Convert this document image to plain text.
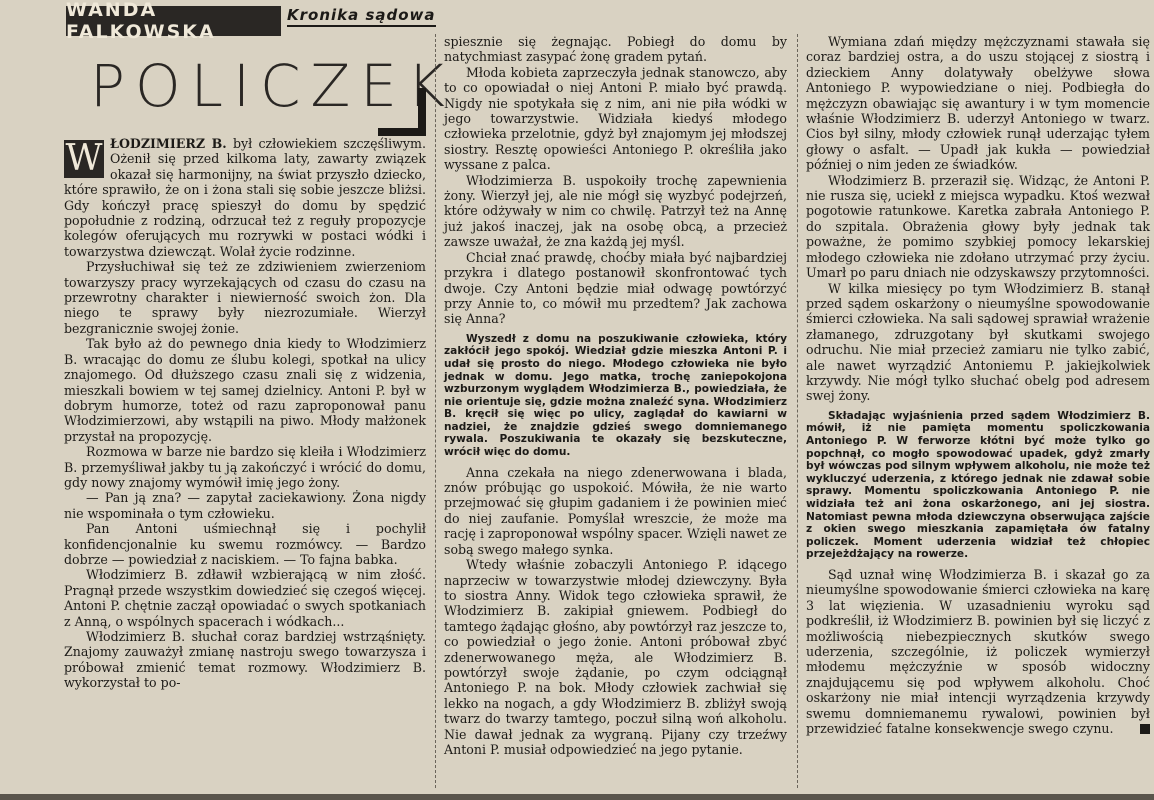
WANDA FALKOWSKA
Kronika sądowa
POLICZEK

W ŁODZIMIERZ B. był człowiekiem szczęśliwym. Ożenił się przed kilkoma laty, zawarty związek okazał się harmonijny, na świat przyszło dziecko, które sprawiło, że on i żona stali się sobie jeszcze bliżsi. Gdy kończył pracę spieszył do domu by spędzić popołudnie z rodziną, odrzucał też z reguły propozycje kolegów oferujących mu rozrywki w postaci wódki i towarzystwa dziewcząt. Wolał życie rodzinne.

Przysłuchiwał się też ze zdziwieniem zwierzeniom towarzyszy pracy wyrzekających od czasu do czasu na przewrotny charakter i niewierność swoich żon. Dla niego te sprawy były niezrozumiałe. Wierzył bezgranicznie swojej żonie.

Tak było aż do pewnego dnia kiedy to Włodzimierz B. wracając do domu ze ślubu kolegi, spotkał na ulicy znajomego. Od dłuższego czasu znali się z widzenia, mieszkali bowiem w tej samej dzielnicy. Antoni P. był w dobrym humorze, toteż od razu zaproponował panu Włodzimierzowi, aby wstąpili na piwo. Młody małżonek przystał na propozycję.

Rozmowa w barze nie bardzo się kleiła i Włodzimierz B. przemyśliwał jakby tu ją zakończyć i wrócić do domu, gdy nowy znajomy wymówił imię jego żony.

— Pan ją zna? — zapytał zaciekawiony. Żona nigdy nie wspominała o tym człowieku.

Pan Antoni uśmiechnął się i pochylił konfidencjonalnie ku swemu rozmówcy. — Bardzo dobrze — powiedział z naciskiem. — To fajna babka.

Włodzimierz B. zdławił wzbierającą w nim złość. Pragnął przede wszystkim dowiedzieć się czegoś więcej. Antoni P. chętnie zaczął opowiadać o swych spotkaniach z Anną, o wspólnych spacerach i wódkach...

Włodzimierz B. słuchał coraz bardziej wstrząśnięty. Znajomy zauważył zmianę nastroju swego towarzysza i próbował zmienić temat rozmowy. Włodzimierz B. wykorzystał to po-

spiesznie się żegnając. Pobiegł do domu by natychmiast zasypać żonę gradem pytań.

Młoda kobieta zaprzeczyła jednak stanowczo, aby to co opowiadał o niej Antoni P. miało być prawdą. Nigdy nie spotykała się z nim, ani nie piła wódki w jego towarzystwie. Widziała kiedyś młodego człowieka przelotnie, gdyż był znajomym jej młodszej siostry. Resztę opowieści Antoniego P. określiła jako wyssane z palca.

Włodzimierza B. uspokoiły trochę zapewnienia żony. Wierzył jej, ale nie mógł się wyzbyć podejrzeń, które odżywały w nim co chwilę. Patrzył też na Annę już jakoś inaczej, jak na osobę obcą, a przecież zawsze uważał, że zna każdą jej myśl.

Chciał znać prawdę, choćby miała być najbardziej przykra i dlatego postanowił skonfrontować tych dwoje. Czy Antoni będzie miał odwagę powtórzyć przy Annie to, co mówił mu przedtem? Jak zachowa się Anna?

Wyszedł z domu na poszukiwanie człowieka, który zakłócił jego spokój. Wiedział gdzie mieszka Antoni P. i udał się prosto do niego. Młodego człowieka nie było jednak w domu. Jego matka, trochę zaniepokojona wzburzonym wyglądem Włodzimierza B., powiedziała, że nie orientuje się, gdzie można znaleźć syna. Włodzimierz B. kręcił się więc po ulicy, zaglądał do kawiarni w nadziei, że znajdzie gdzieś swego domniemanego rywala. Poszukiwania te okazały się bezskuteczne, wrócił więc do domu.

Anna czekała na niego zdenerwowana i blada, znów próbując go uspokoić. Mówiła, że nie warto przejmować się głupim gadaniem i że powinien mieć do niej zaufanie. Pomyślał wreszcie, że może ma rację i zaproponował wspólny spacer. Wzięli nawet ze sobą swego małego synka.

Wtedy właśnie zobaczyli Antoniego P. idącego naprzeciw w towarzystwie młodej dziewczyny. Była to siostra Anny. Widok tego człowieka sprawił, że Włodzimierz B. zakipiał gniewem. Podbiegł do tamtego żądając głośno, aby powtórzył raz jeszcze to, co powiedział o jego żonie. Antoni próbował zbyć zdenerwowanego męża, ale Włodzimierz B. powtórzył swoje żądanie, po czym odciągnął Antoniego P. na bok. Młody człowiek zachwiał się lekko na nogach, a gdy Włodzimierz B. zbliżył swoją twarz do twarzy tamtego, poczuł silną woń alkoholu. Nie dawał jednak za wygraną. Pijany czy trzeźwy Antoni P. musiał odpowiedzieć na jego pytanie.

Wymiana zdań między mężczyznami stawała się coraz bardziej ostra, a do uszu stojącej z siostrą i dzieckiem Anny dolatywały obelżywe słowa Antoniego P. wypowiedziane o niej. Podbiegła do mężczyzn obawiając się awantury i w tym momencie właśnie Włodzimierz B. uderzył Antoniego w twarz. Cios był silny, młody człowiek runął uderzając tyłem głowy o asfalt. — Upadł jak kukła — powiedział później o nim jeden ze świadków.

Włodzimierz B. przeraził się. Widząc, że Antoni P. nie rusza się, uciekł z miejsca wypadku. Ktoś wezwał pogotowie ratunkowe. Karetka zabrała Antoniego P. do szpitala. Obrażenia głowy były jednak tak poważne, że pomimo szybkiej pomocy lekarskiej młodego człowieka nie zdołano utrzymać przy życiu. Umarł po paru dniach nie odzyskawszy przytomności.

W kilka miesięcy po tym Włodzimierz B. stanął przed sądem oskarżony o nieumyślne spowodowanie śmierci człowieka. Na sali sądowej sprawiał wrażenie złamanego, zdruzgotany był skutkami swojego odruchu. Nie miał przecież zamiaru nie tylko zabić, ale nawet wyrządzić Antoniemu P. jakiejkolwiek krzywdy. Nie mógł tylko słuchać obelg pod adresem swej żony.

Składając wyjaśnienia przed sądem Włodzimierz B. mówił, iż nie pamięta momentu spoliczkowania Antoniego P. W ferworze kłótni być może tylko go popchnął, co mogło spowodować upadek, gdyż zmarły był wówczas pod silnym wpływem alkoholu, nie może też wykluczyć uderzenia, z którego jednak nie zdawał sobie sprawy. Momentu spoliczkowania Antoniego P. nie widziała też ani żona oskarżonego, ani jej siostra. Natomiast pewna młoda dziewczyna obserwująca zajście z okien swego mieszkania zapamiętała ów fatalny policzek. Moment uderzenia widział też chłopiec przejeżdżający na rowerze.

Sąd uznał winę Włodzimierza B. i skazał go za nieumyślne spowodowanie śmierci człowieka na karę 3 lat więzienia. W uzasadnieniu wyroku sąd podkreślił, iż Włodzimierz B. powinien był się liczyć z możliwością niebezpiecznych skutków swego uderzenia, szczególnie, iż policzek wymierzył młodemu mężczyźnie w sposób widoczny znajdującemu się pod wpływem alkoholu. Choć oskarżony nie miał intencji wyrządzenia krzywdy swemu domniemanemu rywalowi, powinien był przewidzieć fatalne konsekwencje swego czynu.
